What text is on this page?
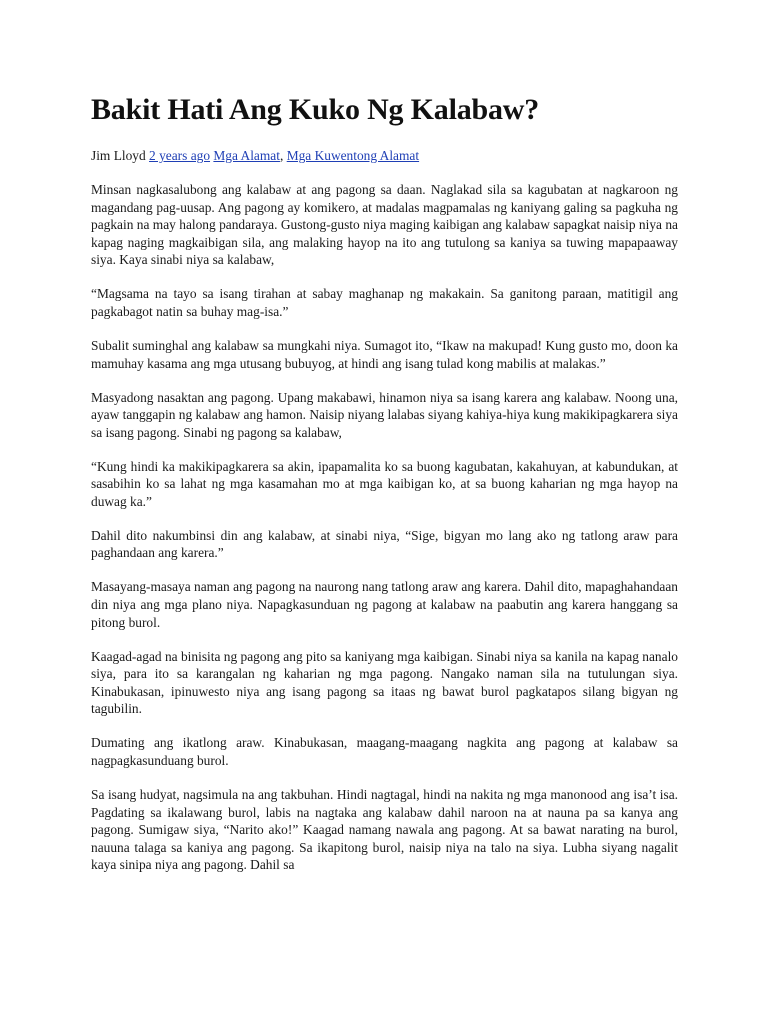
Bakit Hati Ang Kuko Ng Kalabaw?
Jim Lloyd 2 years ago Mga Alamat, Mga Kuwentong Alamat

Minsan nagkasalubong ang kalabaw at ang pagong sa daan. Naglakad sila sa kagubatan at nagkaroon ng magandang pag-uusap. Ang pagong ay komikero, at madalas magpamalas ng kaniyang galing sa pagkuha ng pagkain na may halong pandaraya. Gustong-gusto niya maging kaibigan ang kalabaw sapagkat naisip niya na kapag naging magkaibigan sila, ang malaking hayop na ito ang tutulong sa kaniya sa tuwing mapapaaway siya. Kaya sinabi niya sa kalabaw,

“Magsama na tayo sa isang tirahan at sabay maghanap ng makakain. Sa ganitong paraan, matitigil ang pagkabagot natin sa buhay mag-isa.”

Subalit suminghal ang kalabaw sa mungkahi niya. Sumagot ito, “Ikaw na makupad! Kung gusto mo, doon ka mamuhay kasama ang mga utusang bubuyog, at hindi ang isang tulad kong mabilis at malakas.”

Masyadong nasaktan ang pagong. Upang makabawi, hinamon niya sa isang karera ang kalabaw. Noong una, ayaw tanggapin ng kalabaw ang hamon. Naisip niyang lalabas siyang kahiya-hiya kung makikipagkarera siya sa isang pagong. Sinabi ng pagong sa kalabaw,

“Kung hindi ka makikipagkarera sa akin, ipapamalita ko sa buong kagubatan, kakahuyan, at kabundukan, at sasabihin ko sa lahat ng mga kasamahan mo at mga kaibigan ko, at sa buong kaharian ng mga hayop na duwag ka.”

Dahil dito nakumbinsi din ang kalabaw, at sinabi niya, “Sige, bigyan mo lang ako ng tatlong araw para paghandaan ang karera.”

Masayang-masaya naman ang pagong na naurong nang tatlong araw ang karera. Dahil dito, mapaghahandaan din niya ang mga plano niya. Napagkasunduan ng pagong at kalabaw na paabutin ang karera hanggang sa pitong burol.

Kaagad-agad na binisita ng pagong ang pito sa kaniyang mga kaibigan. Sinabi niya sa kanila na kapag nanalo siya, para ito sa karangalan ng kaharian ng mga pagong. Nangako naman sila na tutulungan siya. Kinabukasan, ipinuwesto niya ang isang pagong sa itaas ng bawat burol pagkatapos silang bigyan ng tagubilin.

Dumating ang ikatlong araw. Kinabukasan, maagang-maagang nagkita ang pagong at kalabaw sa nagpagkasunduang burol.

Sa isang hudyat, nagsimula na ang takbuhan. Hindi nagtagal, hindi na nakita ng mga manonood ang isa’t isa. Pagdating sa ikalawang burol, labis na nagtaka ang kalabaw dahil naroon na at nauna pa sa kanya ang pagong. Sumigaw siya, “Narito ako!” Kaagad namang nawala ang pagong. At sa bawat narating na burol, nauuna talaga sa kaniya ang pagong. Sa ikapitong burol, naisip niya na talo na siya. Lubha siyang nagalit kaya sinipa niya ang pagong. Dahil sa
